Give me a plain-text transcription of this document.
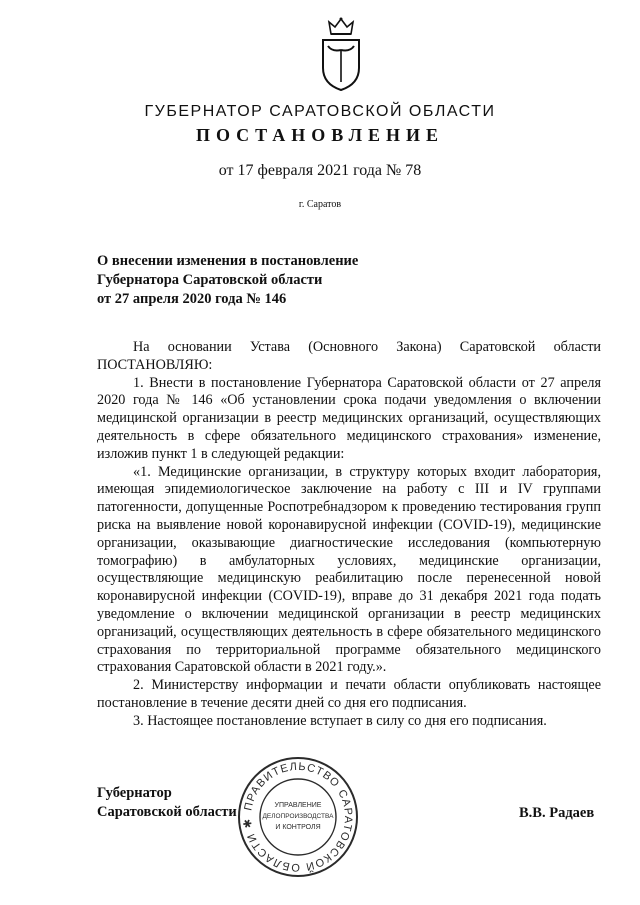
ГУБЕРНАТОР САРАТОВСКОЙ ОБЛАСТИ
ПОСТАНОВЛЕНИЕ
от 17 февраля 2021 года № 78
г. Саратов
О внесении изменения в постановление
Губернатора Саратовской области
от 27 апреля 2020 года № 146

На основании Устава (Основного Закона) Саратовской области ПОСТАНОВЛЯЮ:

1. Внести в постановление Губернатора Саратовской области от 27 апреля 2020 года № 146 «Об установлении срока подачи уведомления о включении медицинской организации в реестр медицинских организаций, осуществляющих деятельность в сфере обязательного медицинского страхования» изменение, изложив пункт 1 в следующей редакции:

«1. Медицинские организации, в структуру которых входит лаборатория, имеющая эпидемиологическое заключение на работу с III и IV группами патогенности, допущенные Роспотребнадзором к проведению тестирования групп риска на выявление новой коронавирусной инфекции (COVID-19), медицинские организации, оказывающие диагностические исследования (компьютерную томографию) в амбулаторных условиях, медицинские организации, осуществляющие медицинскую реабилитацию после перенесенной новой коронавирусной инфекции (COVID-19), вправе до 31 декабря 2021 года подать уведомление о включении медицинской организации в реестр медицинских организаций, осуществляющих деятельность в сфере обязательного медицинского страхования по территориальной программе обязательного медицинского страхования Саратовской области в 2021 году.».

2. Министерству информации и печати области опубликовать настоящее постановление в течение десяти дней со дня его подписания.

3. Настоящее постановление вступает в силу со дня его подписания.

Губернатор
Саратовской области	В.В. Радаев
ПРАВИТЕЛЬСТВО САРАТОВСКОЙ ОБЛАСТИ ✱
УПРАВЛЕНИЕ
ДЕЛОПРОИЗВОДСТВА
И КОНТРОЛЯ
